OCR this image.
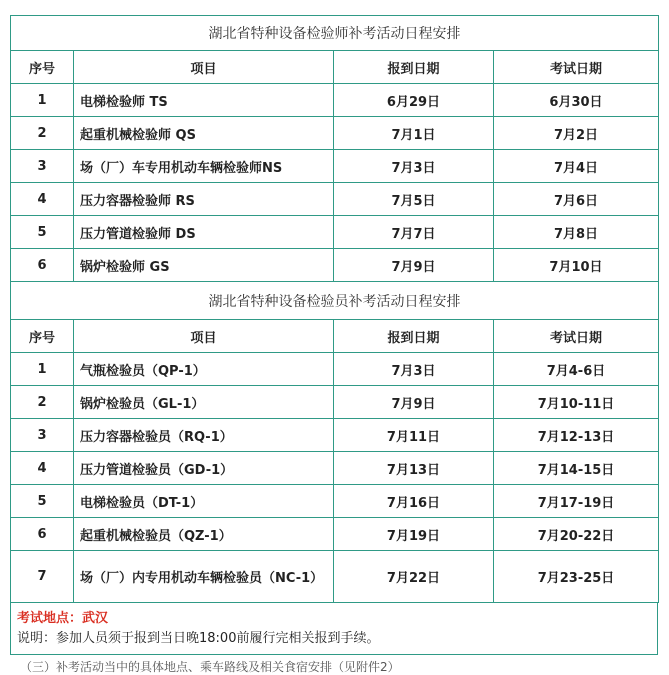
湖北省特种设备检验师补考活动日程安排			
序号	项目	报到日期	考试日期
1	电梯检验师 TS	6月29日	6月30日
2	起重机械检验师 QS	7月1日	7月2日
3	场（厂）车专用机动车辆检验师NS	7月3日	7月4日
4	压力容器检验师 RS	7月5日	7月6日
5	压力管道检验师 DS	7月7日	7月8日
6	锅炉检验师 GS	7月9日	7月10日
湖北省特种设备检验员补考活动日程安排			
序号	项目	报到日期	考试日期
1	气瓶检验员（QP-1）	7月3日	7月4-6日
2	锅炉检验员（GL-1）	7月9日	7月10-11日
3	压力容器检验员（RQ-1）	7月11日	7月12-13日
4	压力管道检验员（GD-1）	7月13日	7月14-15日
5	电梯检验员（DT-1）	7月16日	7月17-19日
6	起重机械检验员（QZ-1）	7月19日	7月20-22日
7	场（厂）内专用机动车辆检验员（NC-1）	7月22日	7月23-25日
考试地点：武汉
说明：参加人员须于报到当日晚18:00前履行完相关报到手续。
（三）补考活动当中的具体地点、乘车路线及相关食宿安排（见附件2）
